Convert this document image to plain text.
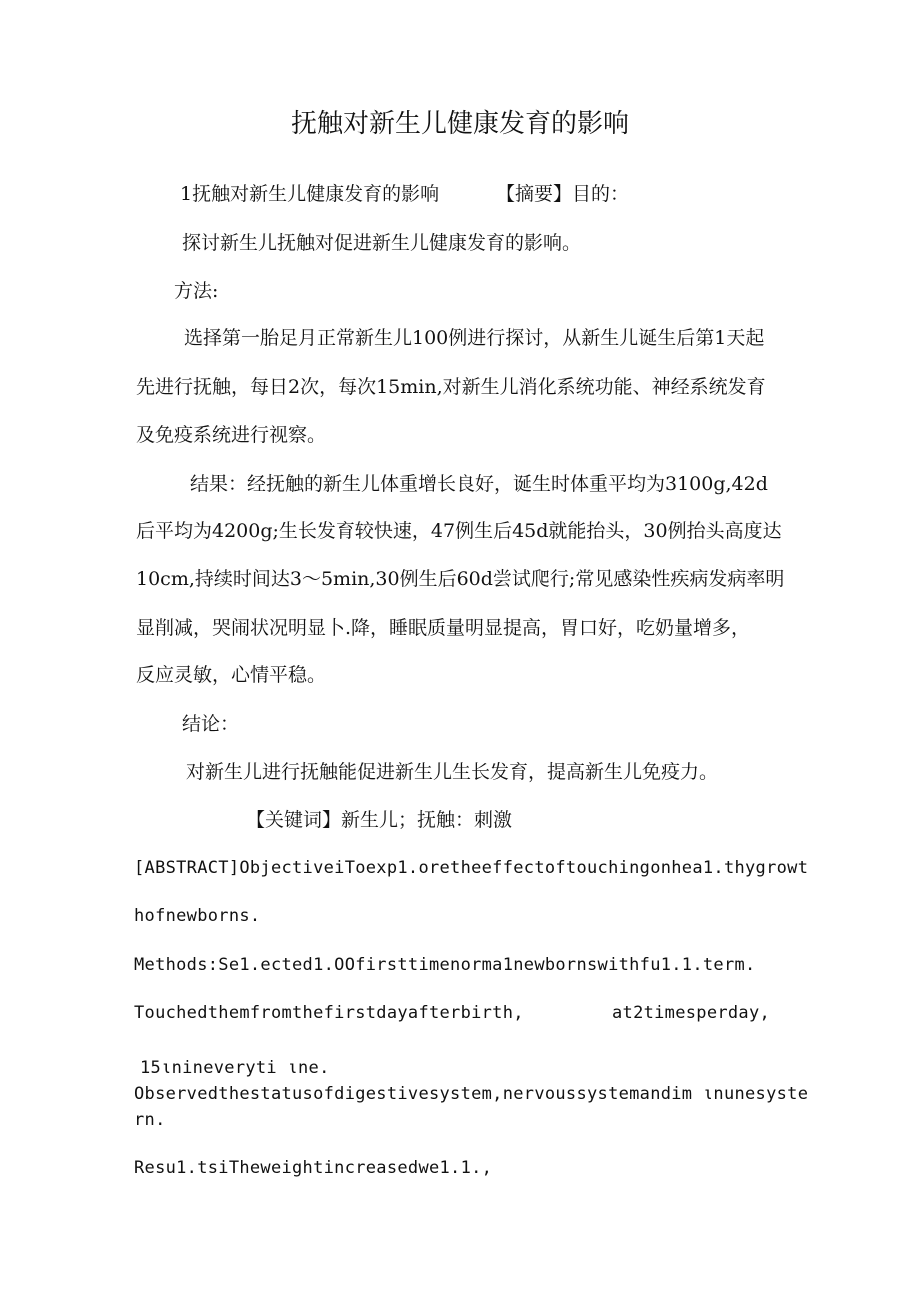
抚触对新生儿健康发育的影响
1抚触对新生儿健康发育的影响	【摘要】目的：
探讨新生儿抚触对促进新生儿健康发育的影响。
方法:
选择第一胎足月正常新生儿100例进行探讨，从新生儿诞生后第1天起
先进行抚触，每日2次，每次15min,对新生儿消化系统功能、神经系统发育
及免疫系统进行视察。
结果：经抚触的新生儿体重增长良好，诞生时体重平均为3100g,42d
后平均为4200g;生长发育较快速，47例生后45d就能抬头，30例抬头高度达
10cm,持续时间达3～5min,30例生后60d尝试爬行;常见感染性疾病发病率明
显削减，哭闹状况明显卜.降，睡眠质量明显提高，胃口好，吃奶量增多，
反应灵敏，心情平稳。
结论：
对新生儿进行抚触能促进新生儿生长发育，提高新生儿免疫力。
【关键词】新生儿；抚触：刺激
[ABSTRACT]ObjectiveiToexp1.oretheeffectoftouchingonhea1.thygrowt
hofnewborns.
Methods:Se1.ected1.OOfirsttimenorma1newbornswithfu1.1.term.
Touchedthemfromthefirstdayafterbirth,	at2timesperday,
15ιnineveryti ιne.
Observedthestatusofdigestivesystem,nervoussystemandim ιnunesyste
rn.
Resu1.tsiTheweightincreasedwe1.1.,
